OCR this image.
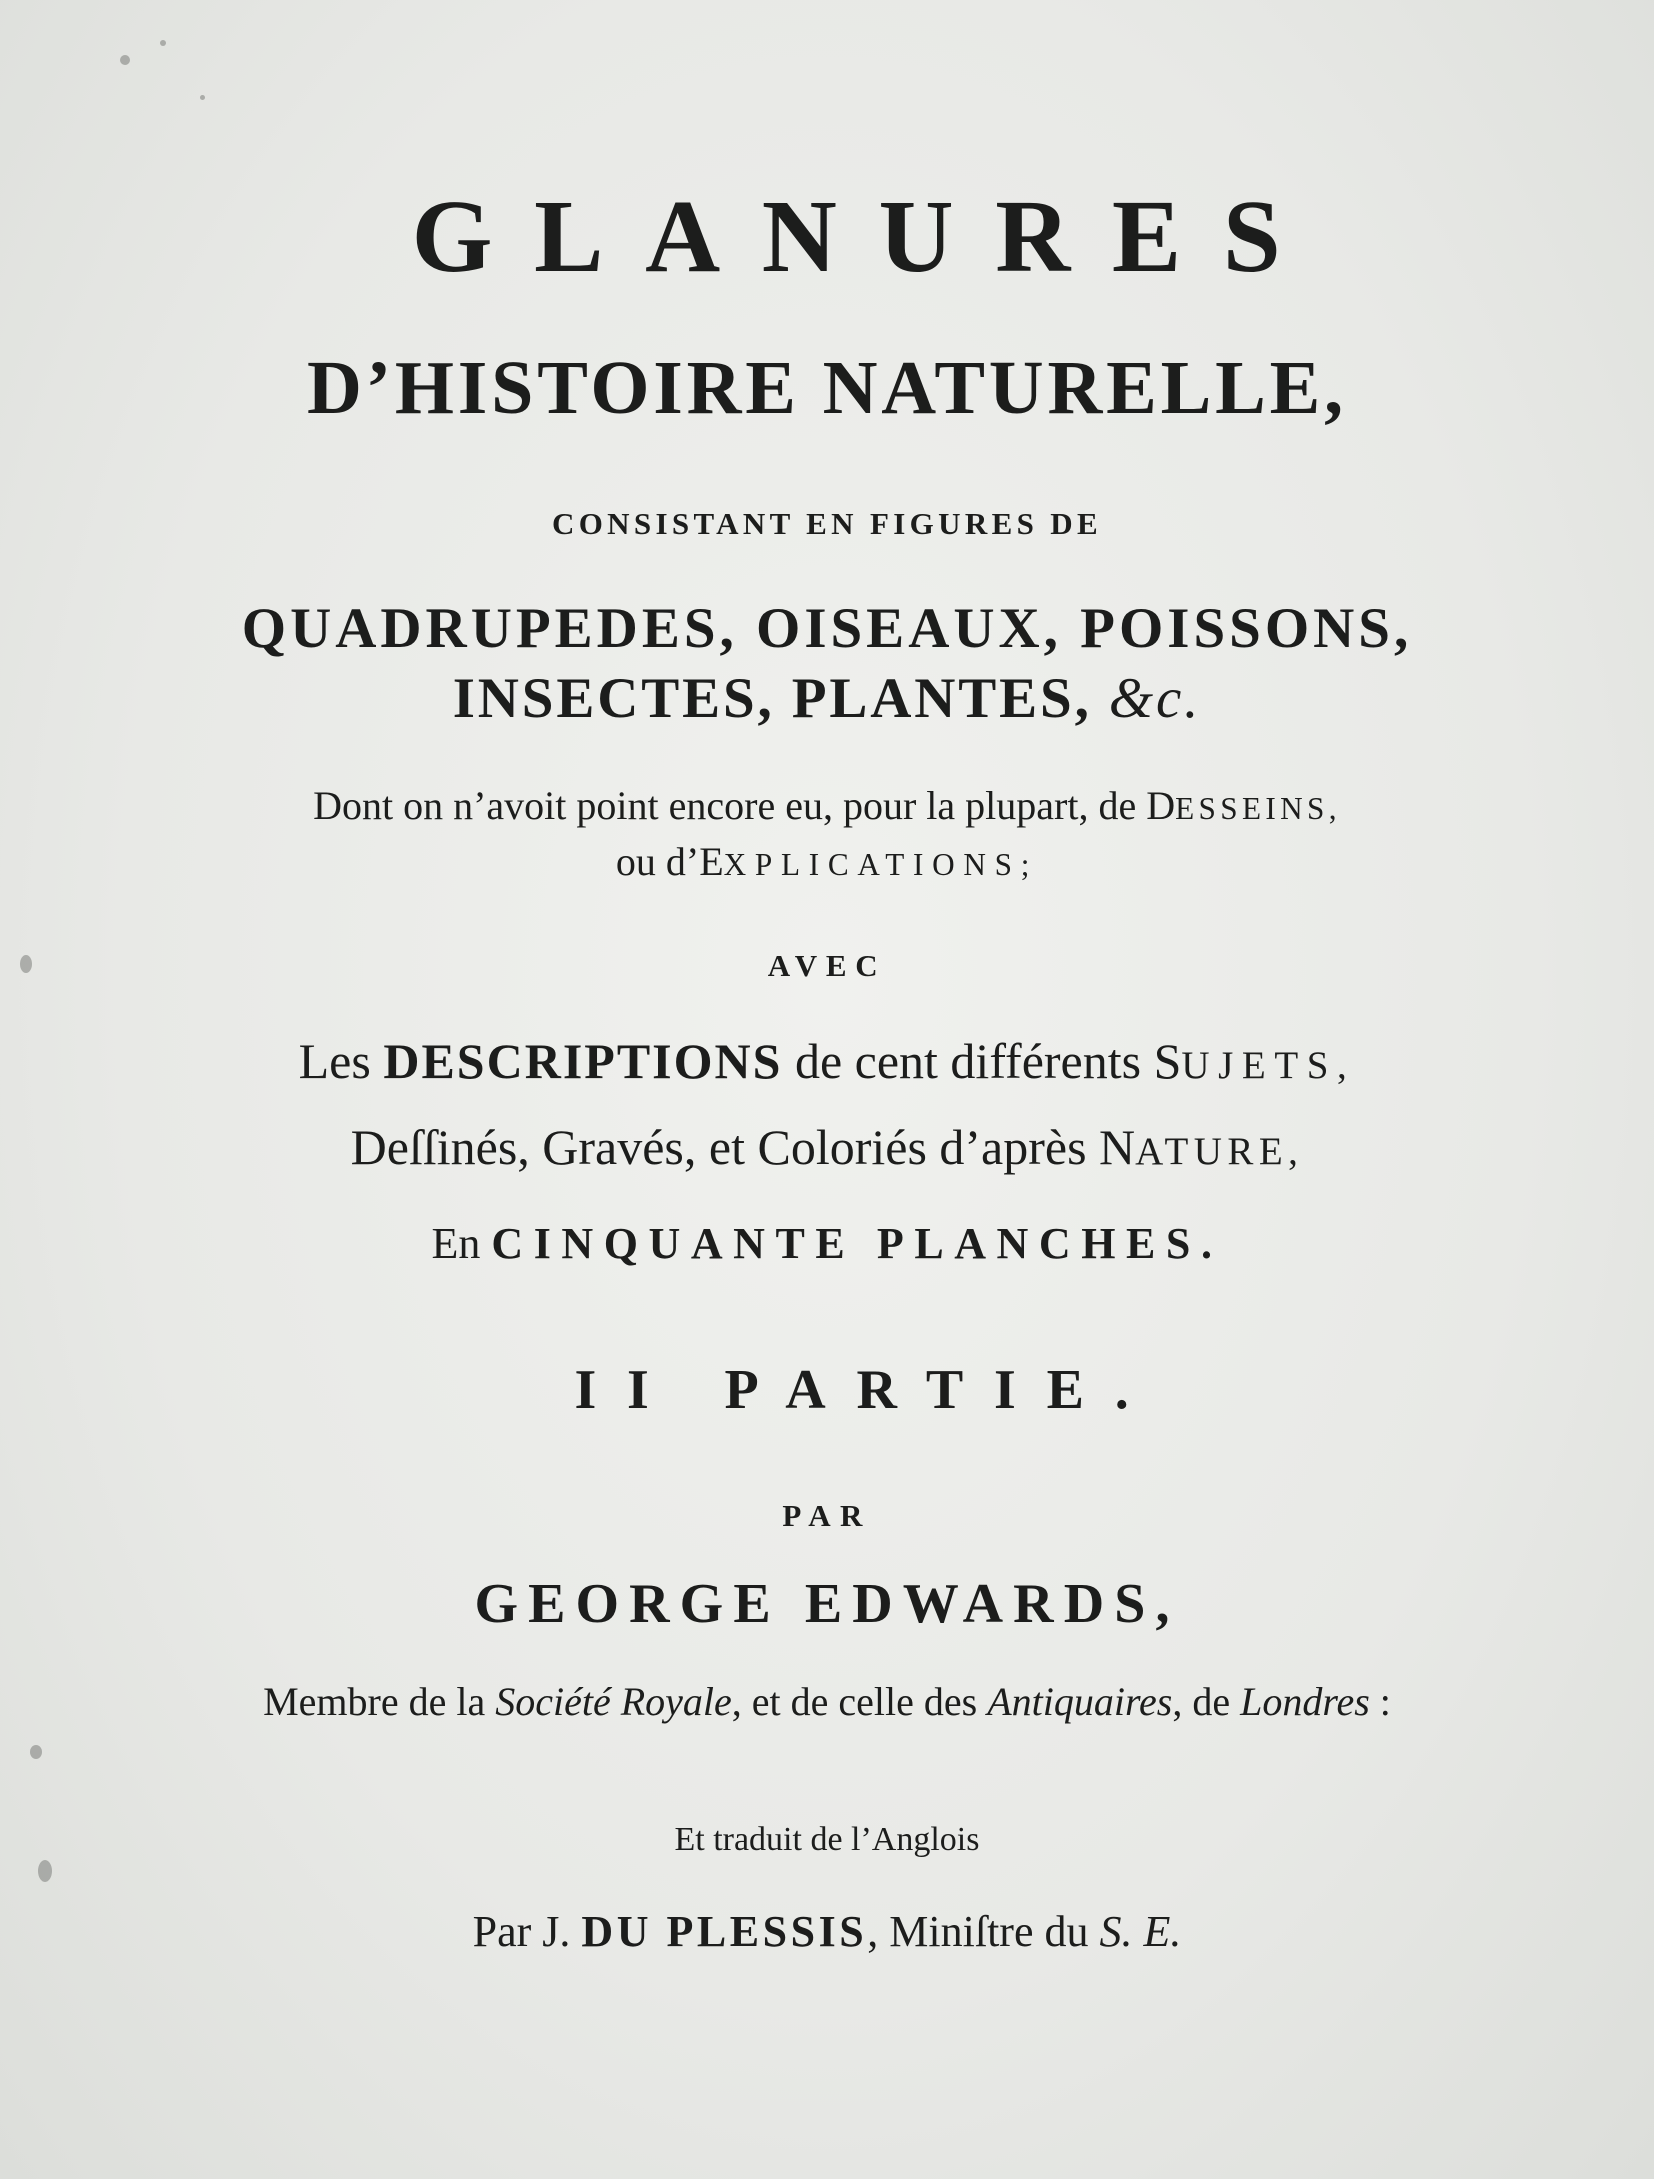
GLANURES
D’HISTOIRE NATURELLE,
CONSISTANT EN FIGURES DE
QUADRUPEDES, OISEAUX, POISSONS,
INSECTES, PLANTES, &c.
Dont on n’avoit point encore eu, pour la plupart, de DESSEINS,
ou d’EXPLICATIONS;
AVEC
Les DESCRIPTIONS de cent différents SUJETS,
Deſſinés, Gravés, et Coloriés d’après NATURE,
En CINQUANTE PLANCHES.
II PARTIE.
PAR
GEORGE EDWARDS,
Membre de la Société Royale, et de celle des Antiquaires, de Londres :
Et traduit de l’Anglois
Par J. DU PLESSIS, Miniſtre du S. E.
